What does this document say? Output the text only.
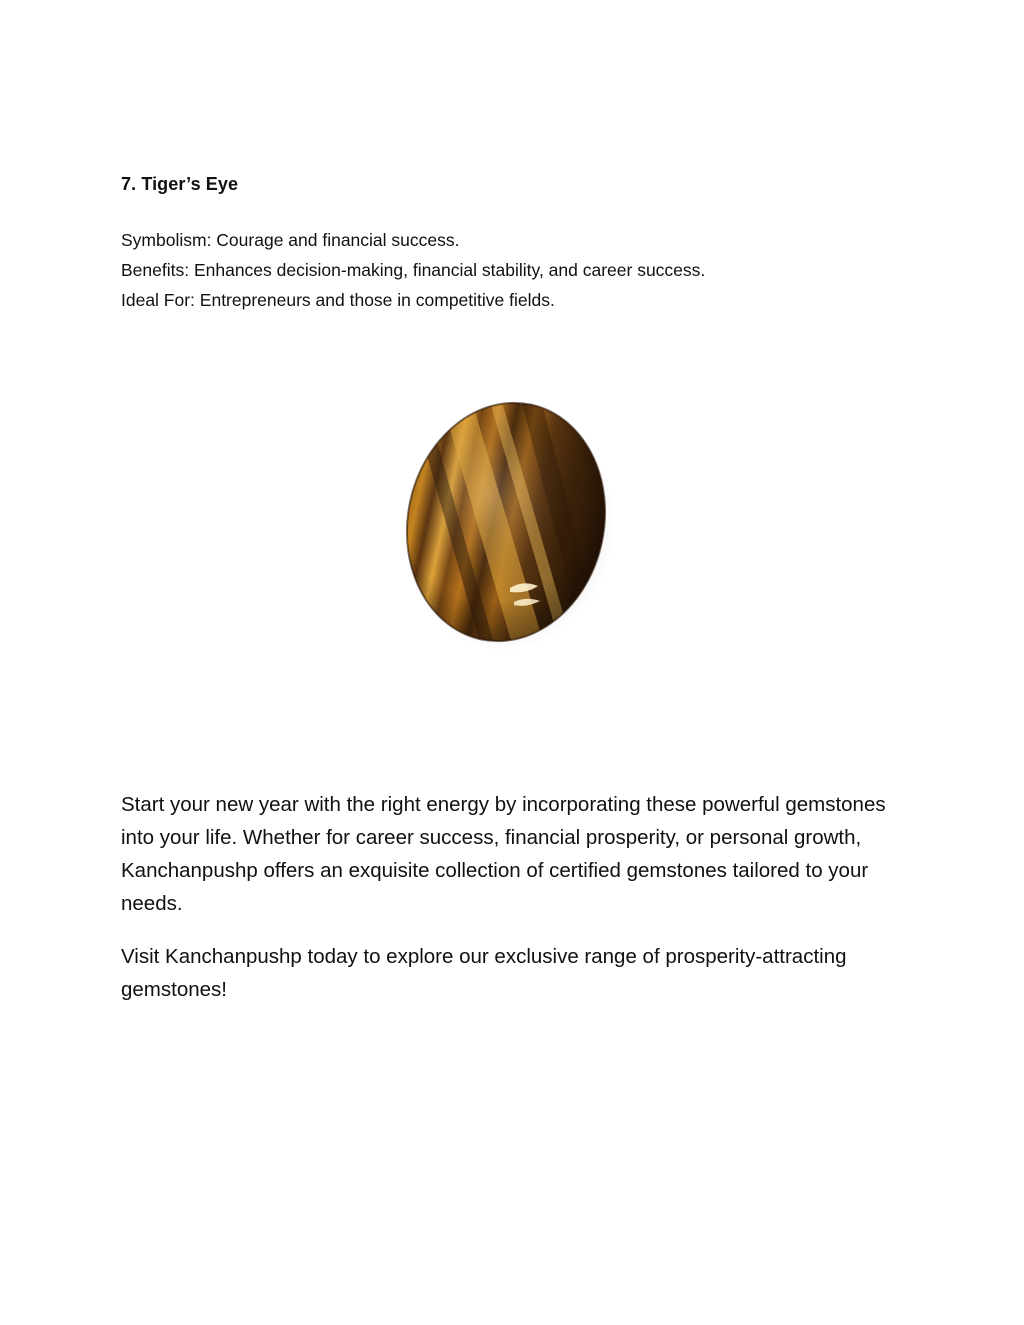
7. Tiger’s Eye
Symbolism: Courage and financial success.
Benefits: Enhances decision-making, financial stability, and career success.
Ideal For: Entrepreneurs and those in competitive fields.

Start your new year with the right energy by incorporating these powerful gemstones into your life. Whether for career success, financial prosperity, or personal growth, Kanchanpushp offers an exquisite collection of certified gemstones tailored to your needs.

Visit Kanchanpushp today to explore our exclusive range of prosperity-attracting gemstones!
